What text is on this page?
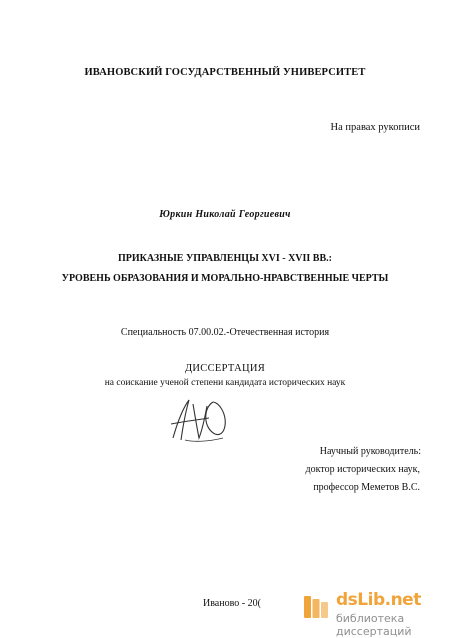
ИВАНОВСКИЙ ГОСУДАРСТВЕННЫЙ УНИВЕРСИТЕТ
На правах рукописи
Юркин Николай Георгиевич
ПРИКАЗНЫЕ УПРАВЛЕНЦЫ XVI - XVII ВВ.:
УРОВЕНЬ ОБРАЗОВАНИЯ И МОРАЛЬНО-НРАВСТВЕННЫЕ ЧЕРТЫ
Специальность 07.00.02.-Отечественная история
ДИССЕРТАЦИЯ
на соискание ученой степени кандидата исторических наук
Научный руководитель:
доктор исторических наук,
профессор Меметов В.С.
Иваново - 20(	dsLib.net
библиотека диссертаций
